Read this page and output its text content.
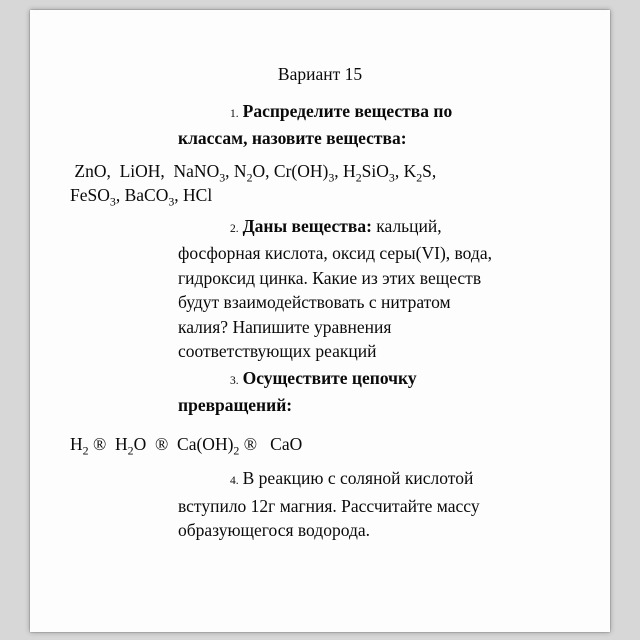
Вариант 15
1. Распределите вещества по
классам, назовите вещества:
ZnO,  LiOH,  NaNO$_3$, $N_2O$, $Cr(OH)_3$, $H_2SiO_3$, $K_2S$,
FeSO$_3$, BaCO$_3$, HCl
2. Даны вещества: кальций,
фосфорная кислота, оксид серы(VI), вода,
гидроксид цинка. Какие из этих веществ
будут взаимодействовать с нитратом
калия? Напишите уравнения
соответствующих реакций
3. Осуществите цепочку
превращений:
$H_2$ ®  $H_2O$  ®  $Ca(OH)_2$ ®   CaO
4. В реакцию с соляной кислотой
вступило 12г магния. Рассчитайте массу
образующегося водорода.
